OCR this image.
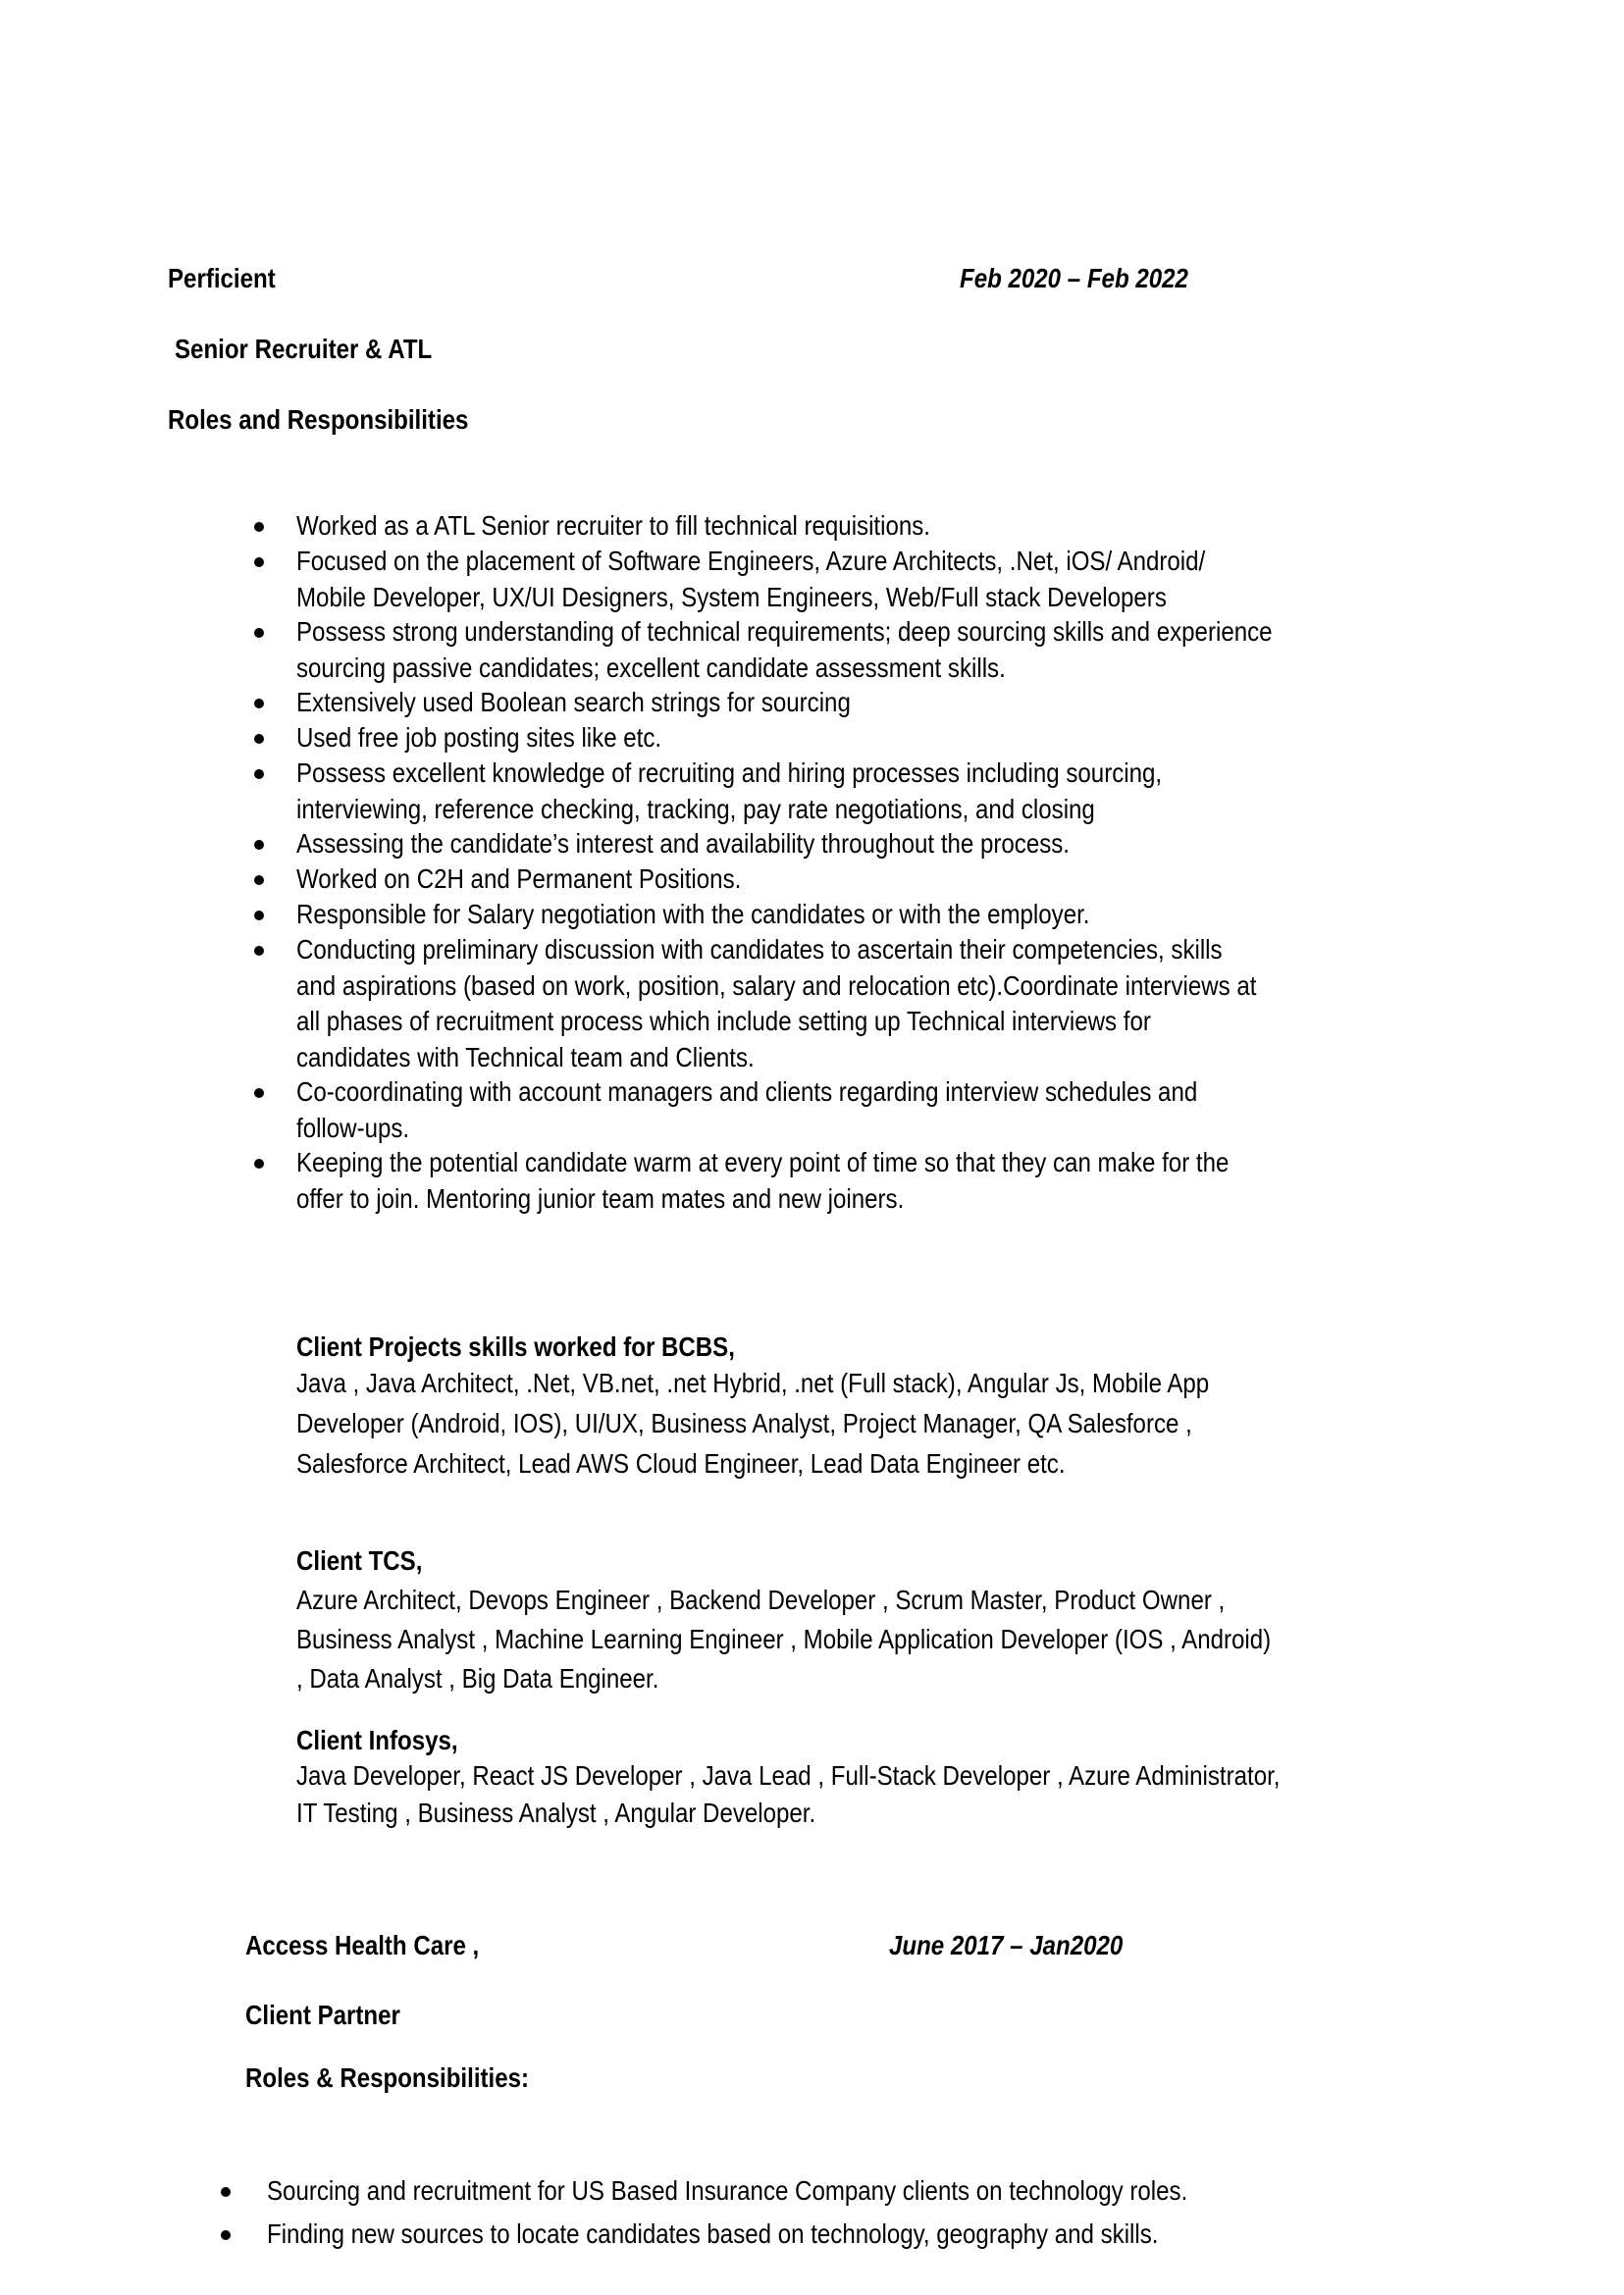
Perficient	Feb 2020 – Feb 2022
Senior Recruiter & ATL
Roles and Responsibilities
Worked as a ATL Senior recruiter to fill technical requisitions.
Focused on the placement of Software Engineers, Azure Architects, .Net, iOS/ Android/
Mobile Developer, UX/UI Designers, System Engineers, Web/Full stack Developers
Possess strong understanding of technical requirements; deep sourcing skills and experience
sourcing passive candidates; excellent candidate assessment skills.
Extensively used Boolean search strings for sourcing
Used free job posting sites like etc.
Possess excellent knowledge of recruiting and hiring processes including sourcing,
interviewing, reference checking, tracking, pay rate negotiations, and closing
Assessing the candidate’s interest and availability throughout the process.
Worked on C2H and Permanent Positions.
Responsible for Salary negotiation with the candidates or with the employer.
Conducting preliminary discussion with candidates to ascertain their competencies, skills
and aspirations (based on work, position, salary and relocation etc).Coordinate interviews at
all phases of recruitment process which include setting up Technical interviews for
candidates with Technical team and Clients.
Co-coordinating with account managers and clients regarding interview schedules and
follow-ups.
Keeping the potential candidate warm at every point of time so that they can make for the
offer to join. Mentoring junior team mates and new joiners.
Client Projects skills worked for BCBS,
Java , Java Architect, .Net, VB.net, .net Hybrid, .net (Full stack), Angular Js, Mobile App
Developer (Android, IOS), UI/UX, Business Analyst, Project Manager, QA Salesforce ,
Salesforce Architect, Lead AWS Cloud Engineer, Lead Data Engineer etc.
Client TCS,
Azure Architect, Devops Engineer , Backend Developer , Scrum Master, Product Owner ,
Business Analyst , Machine Learning Engineer , Mobile Application Developer (IOS , Android)
, Data Analyst , Big Data Engineer.
Client Infosys,
Java Developer, React JS Developer , Java Lead , Full-Stack Developer , Azure Administrator,
IT Testing , Business Analyst , Angular Developer.
Access Health Care ,	June 2017 – Jan2020
Client Partner
Roles & Responsibilities:
Sourcing and recruitment for US Based Insurance Company clients on technology roles.
Finding new sources to locate candidates based on technology, geography and skills.
